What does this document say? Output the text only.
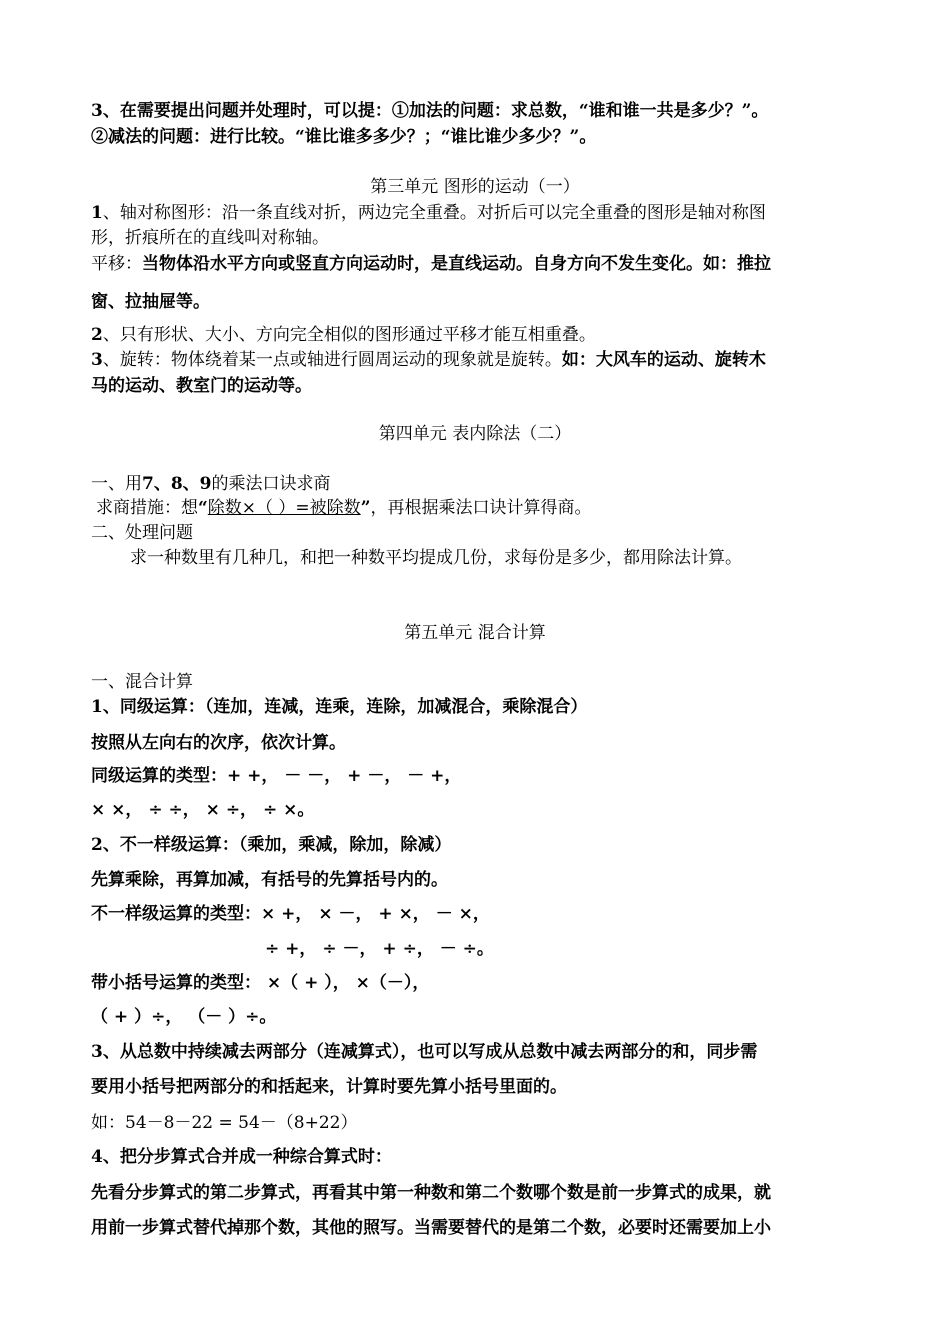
3、在需要提出问题并处理时，可以提：①加法的问题：求总数，“谁和谁一共是多少？”。
②减法的问题：进行比较。“谁比谁多多少？；“谁比谁少多少？”。
第三单元 图形的运动（一）
1、轴对称图形：沿一条直线对折，两边完全重叠。对折后可以完全重叠的图形是轴对称图
形，折痕所在的直线叫对称轴。
平移：当物体沿水平方向或竖直方向运动时，是直线运动。自身方向不发生变化。如：推拉
窗、拉抽屉等。
2、只有形状、大小、方向完全相似的图形通过平移才能互相重叠。
3、旋转：物体绕着某一点或轴进行圆周运动的现象就是旋转。如：大风车的运动、旋转木
马的运动、教室门的运动等。
第四单元 表内除法（二）
一、用7、8、9的乘法口诀求商
求商措施：想“除数×（ ）=被除数”，再根据乘法口诀计算得商。
二、处理问题
求一种数里有几种几，和把一种数平均提成几份，求每份是多少，都用除法计算。
第五单元 混合计算
一、混合计算
1、同级运算：（连加，连减，连乘，连除，加减混合，乘除混合）
按照从左向右的次序，依次计算。
同级运算的类型：+ +， － －， + －， － +，
× ×， ÷ ÷， × ÷， ÷ ×。
2、不一样级运算：（乘加，乘减，除加，除减）
先算乘除，再算加减，有括号的先算括号内的。
不一样级运算的类型：× +， × －， + ×， － ×，
÷ +， ÷ －， + ÷， － ÷。
带小括号运算的类型： ×（ + ）， ×（－），
（ + ）÷， （－ ）÷。
3、从总数中持续减去两部分（连减算式），也可以写成从总数中减去两部分的和，同步需
要用小括号把两部分的和括起来，计算时要先算小括号里面的。
如：54－8－22 = 54－（8+22）
4、把分步算式合并成一种综合算式时：
先看分步算式的第二步算式，再看其中第一种数和第二个数哪个数是前一步算式的成果，就
用前一步算式替代掉那个数，其他的照写。当需要替代的是第二个数，必要时还需要加上小
